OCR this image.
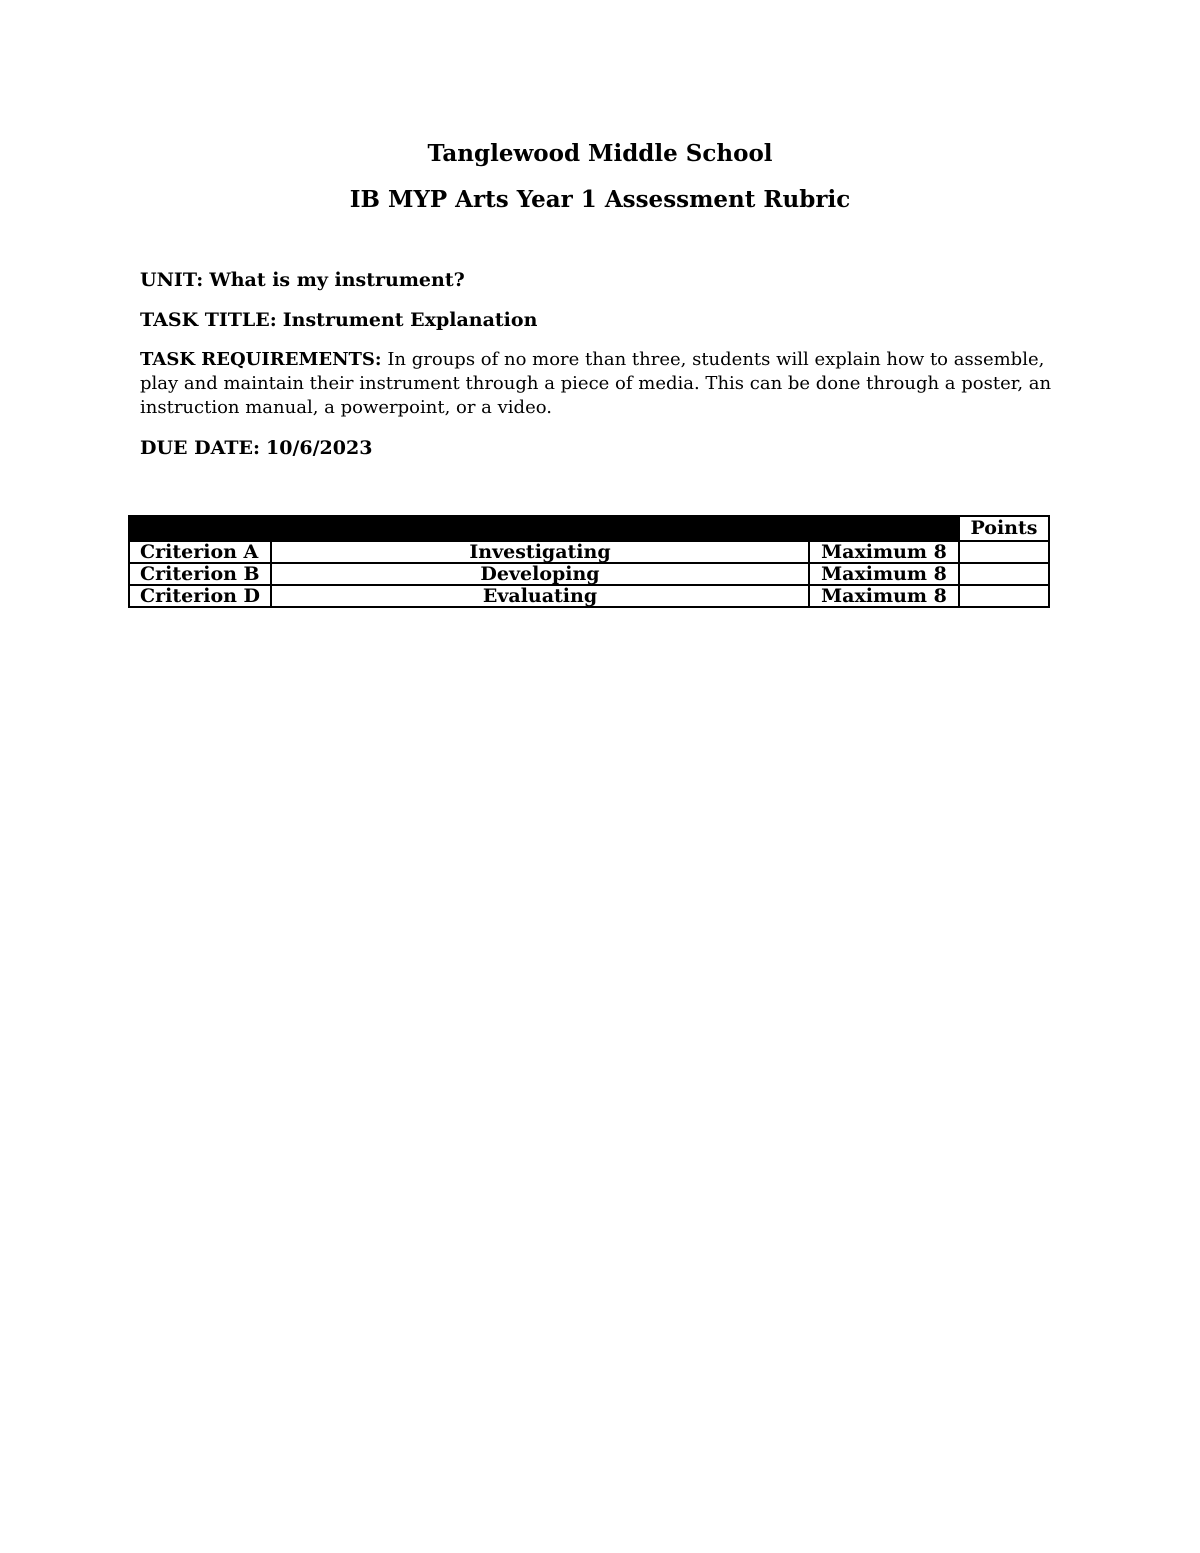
Tanglewood Middle School
IB MYP Arts Year 1 Assessment Rubric
UNIT: What is my instrument?
TASK TITLE: Instrument Explanation
TASK REQUIREMENTS: In groups of no more than three, students will explain how to assemble, play and maintain their instrument through a piece of media. This can be done through a poster, an instruction manual, a powerpoint, or a video.
DUE DATE: 10/6/2023
			Points
Criterion A	Investigating	Maximum 8	
Criterion B	Developing	Maximum 8	
Criterion D	Evaluating	Maximum 8	
